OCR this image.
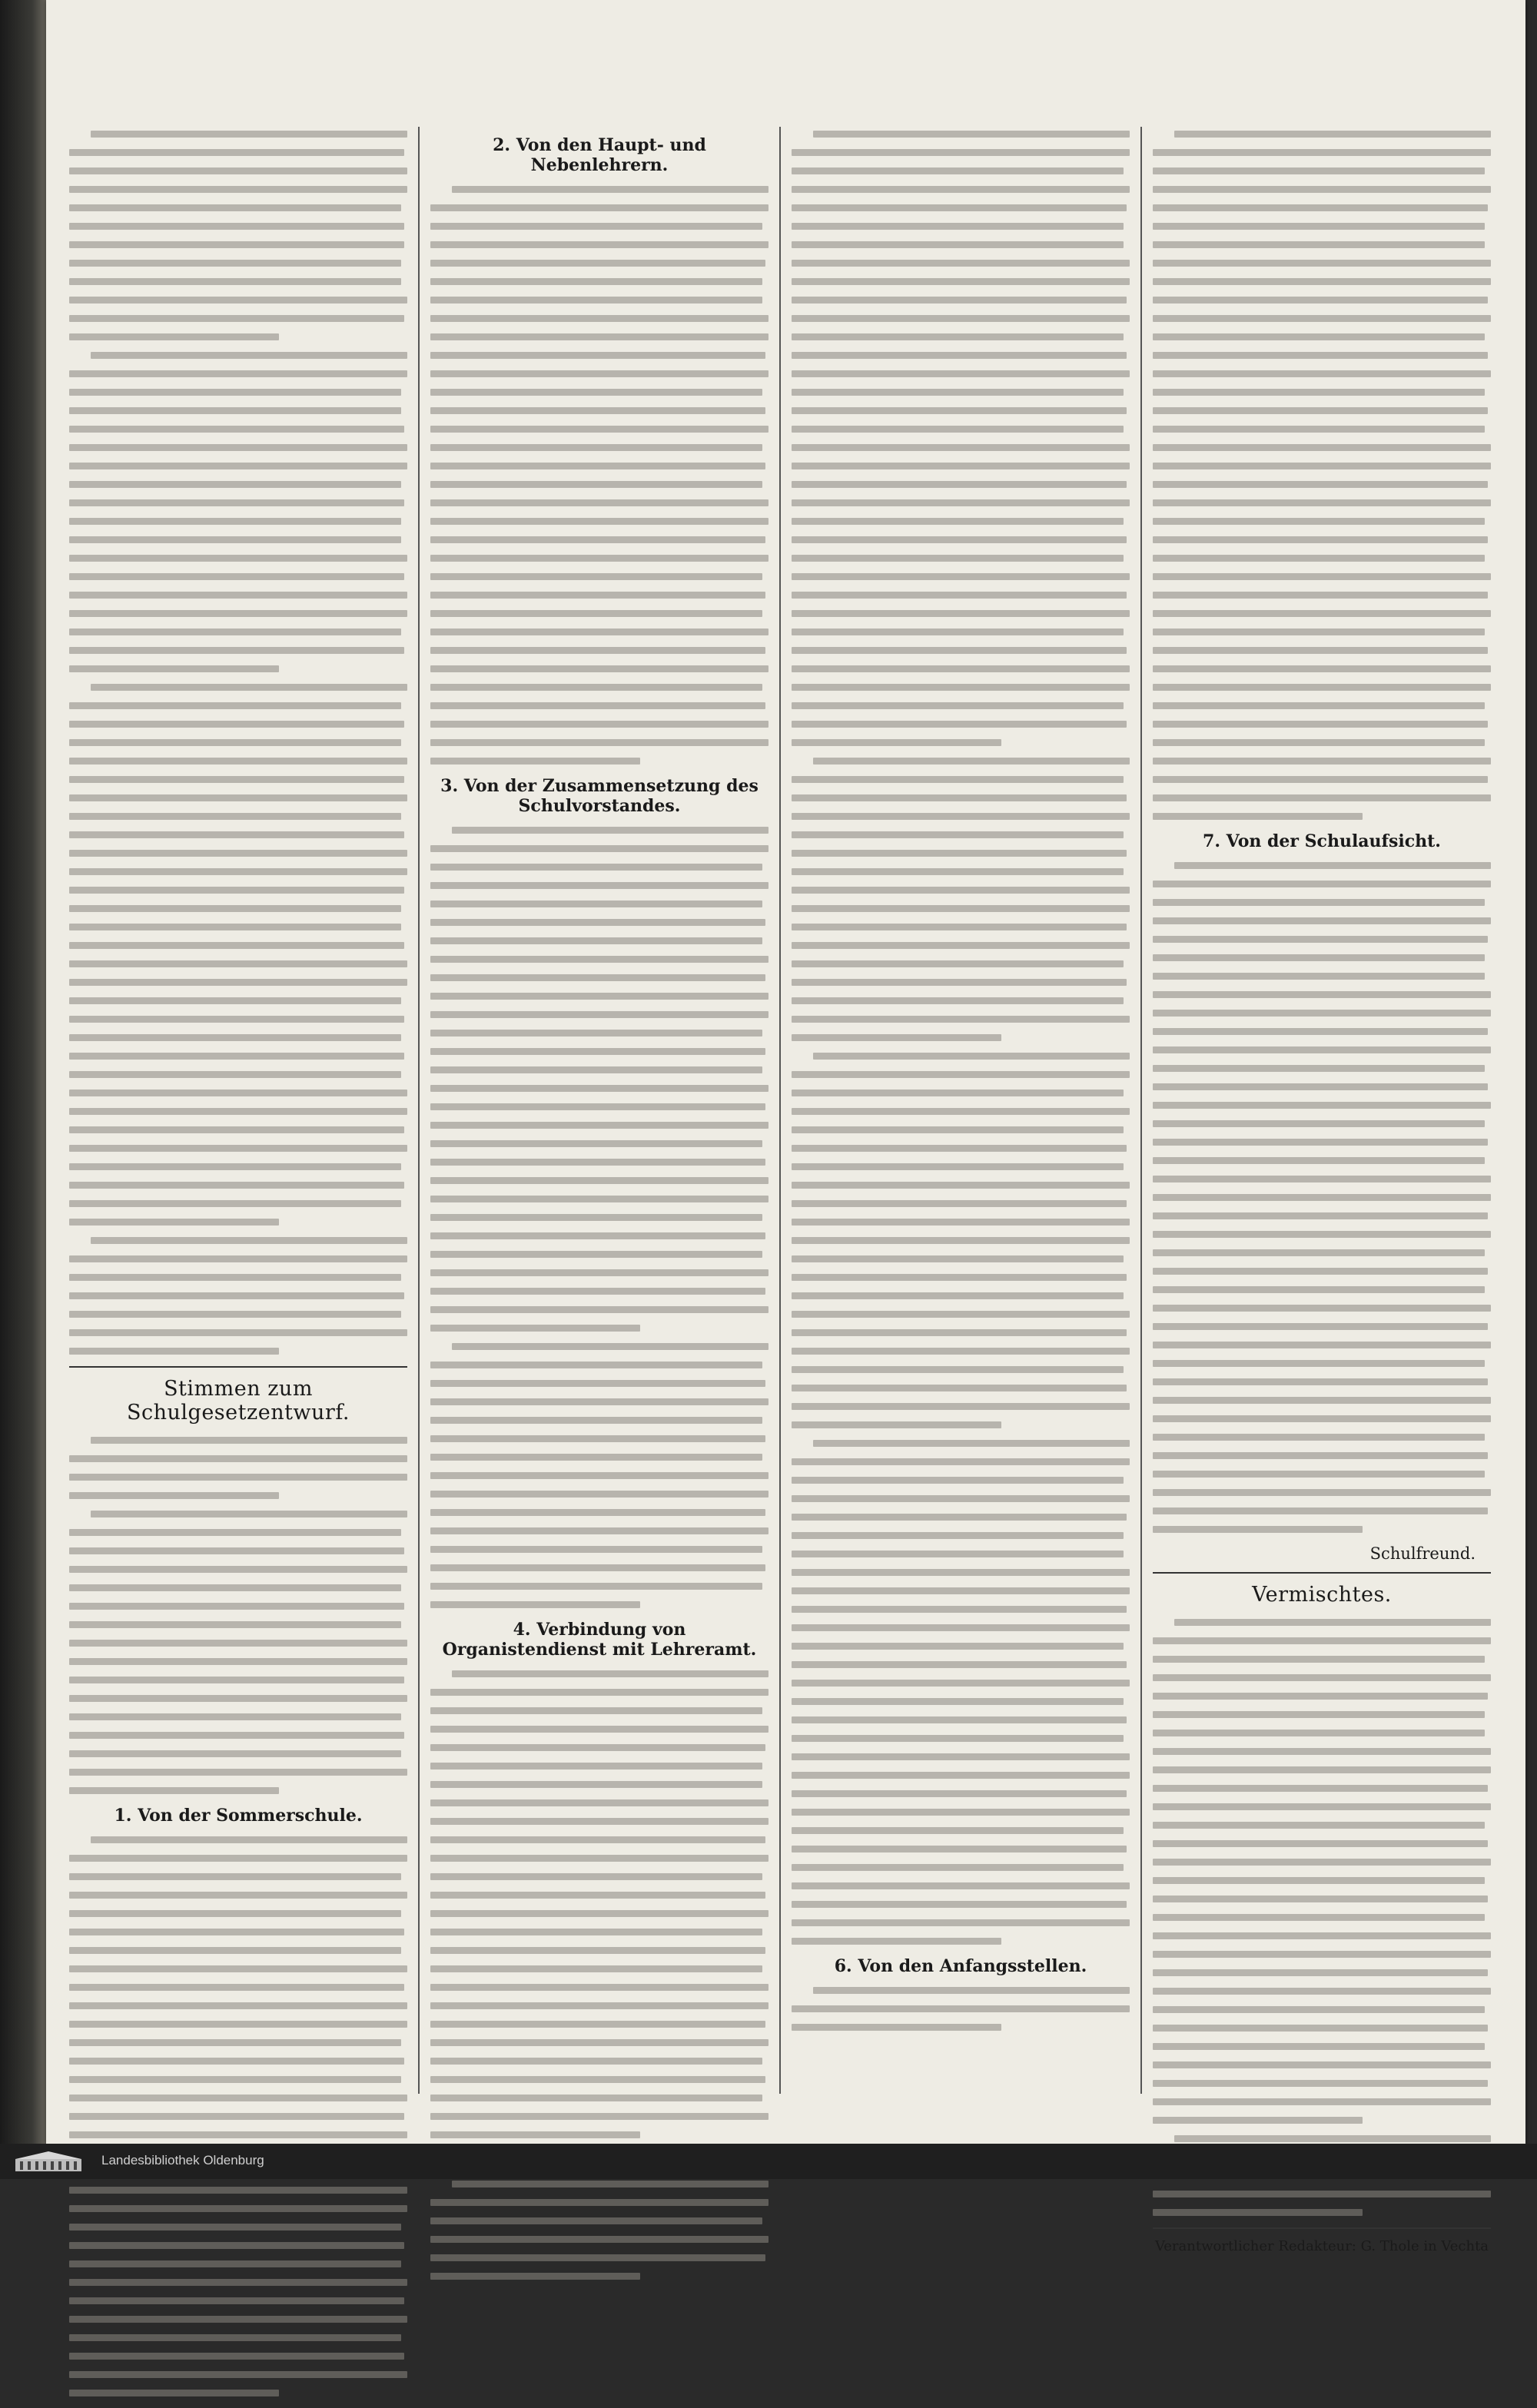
Stimmen zum Schulgesetzentwurf.
1. Von der Sommerschule.
2. Von den Haupt- und Nebenlehrern.
3. Von der Zusammensetzung des Schulvorstandes.
4. Verbindung von Organistendienst mit Lehreramt.
6. Von den Anfangsstellen.
7. Von der Schulaufsicht.
Schulfreund.
Vermischtes.
Verantwortlicher Redakteur: G. Thole in Vechta
Landesbibliothek Oldenburg
